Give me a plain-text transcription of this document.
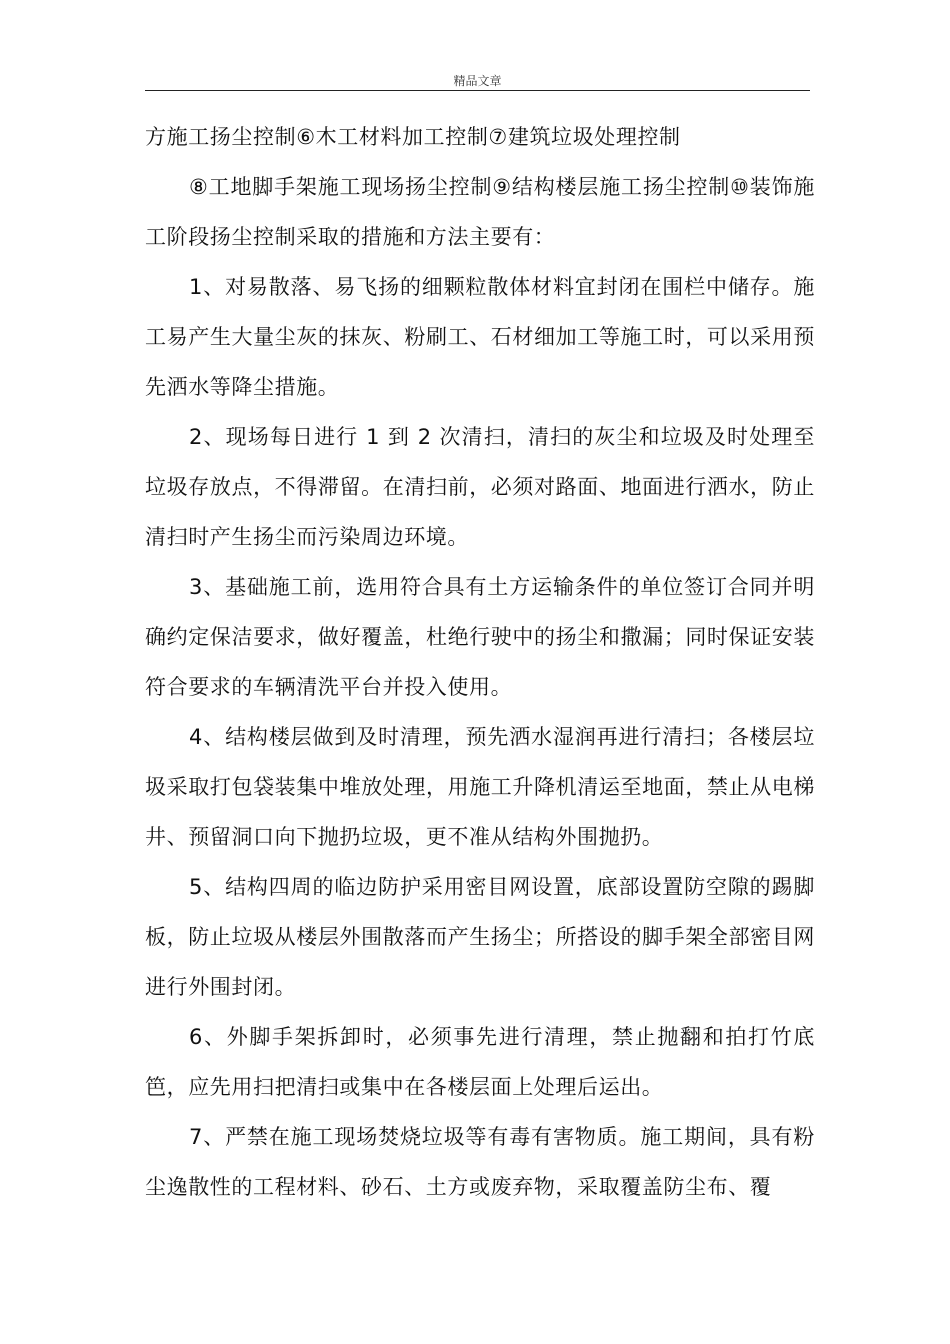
精品文章

方施工扬尘控制⑥木工材料加工控制⑦建筑垃圾处理控制

⑧工地脚手架施工现场扬尘控制⑨结构楼层施工扬尘控制⑩装饰施工阶段扬尘控制采取的措施和方法主要有：

1、对易散落、易飞扬的细颗粒散体材料宜封闭在围栏中储存。施工易产生大量尘灰的抹灰、粉刷工、石材细加工等施工时，可以采用预先洒水等降尘措施。

2、现场每日进行 1 到 2 次清扫，清扫的灰尘和垃圾及时处理至垃圾存放点，不得滞留。在清扫前，必须对路面、地面进行洒水，防止清扫时产生扬尘而污染周边环境。

3、基础施工前，选用符合具有土方运输条件的单位签订合同并明确约定保洁要求，做好覆盖，杜绝行驶中的扬尘和撒漏；同时保证安装符合要求的车辆清洗平台并投入使用。

4、结构楼层做到及时清理，预先洒水湿润再进行清扫；各楼层垃圾采取打包袋装集中堆放处理，用施工升降机清运至地面，禁止从电梯井、预留洞口向下抛扔垃圾，更不准从结构外围抛扔。

5、结构四周的临边防护采用密目网设置，底部设置防空隙的踢脚板，防止垃圾从楼层外围散落而产生扬尘；所搭设的脚手架全部密目网进行外围封闭。

6、外脚手架拆卸时，必须事先进行清理，禁止抛翻和拍打竹底笆，应先用扫把清扫或集中在各楼层面上处理后运出。

7、严禁在施工现场焚烧垃圾等有毒有害物质。施工期间，具有粉尘逸散性的工程材料、砂石、土方或废弃物，采取覆盖防尘布、覆
